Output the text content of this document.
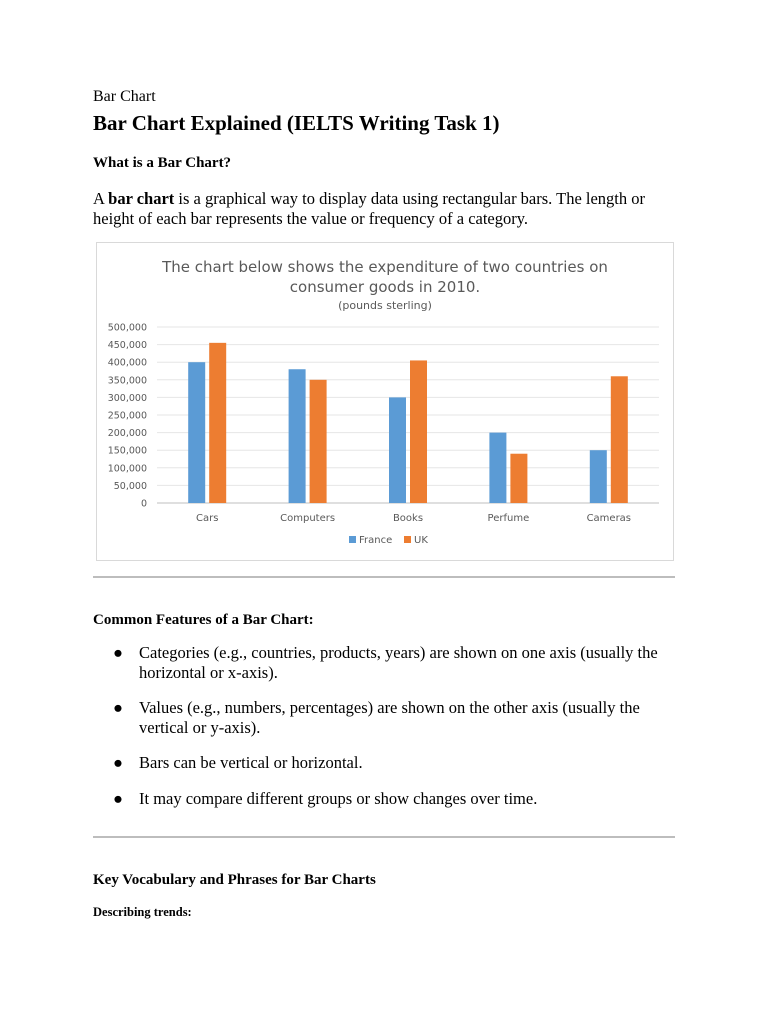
Bar Chart
Bar Chart Explained (IELTS Writing Task 1)
What is a Bar Chart?
A bar chart is a graphical way to display data using rectangular bars. The length or height of each bar represents the value or frequency of a category.
The chart below shows the expenditure of two countries on
consumer goods in 2010.
(pounds sterling)
0
50,000
100,000
150,000
200,000
250,000
300,000
350,000
400,000
450,000
500,000
Cars	Computers	Books	Perfume	Cameras
France UK
Common Features of a Bar Chart:
● Categories (e.g., countries, products, years) are shown on one axis (usually the horizontal or x-axis).
● Values (e.g., numbers, percentages) are shown on the other axis (usually the vertical or y-axis).
● Bars can be vertical or horizontal.
● It may compare different groups or show changes over time.
Key Vocabulary and Phrases for Bar Charts
Describing trends:
